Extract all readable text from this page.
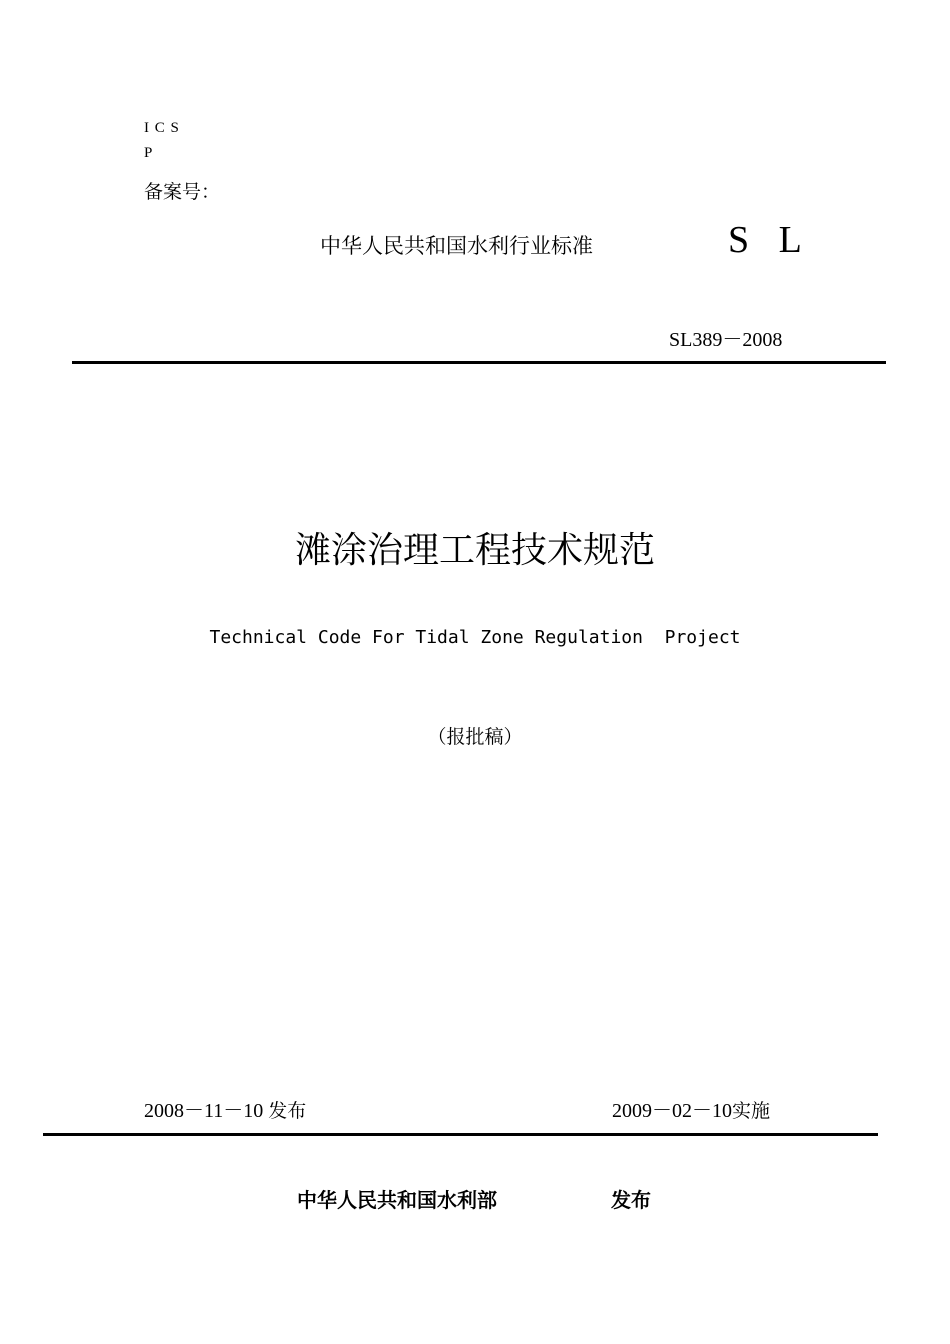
I C S
P
备案号：
中华人民共和国水利行业标准	S L
SL389－2008
滩涂治理工程技术规范
Technical Code For Tidal Zone Regulation  Project
（报批稿）
2008－11－10 发布	2009－02－10实施
中华人民共和国水利部	发布
